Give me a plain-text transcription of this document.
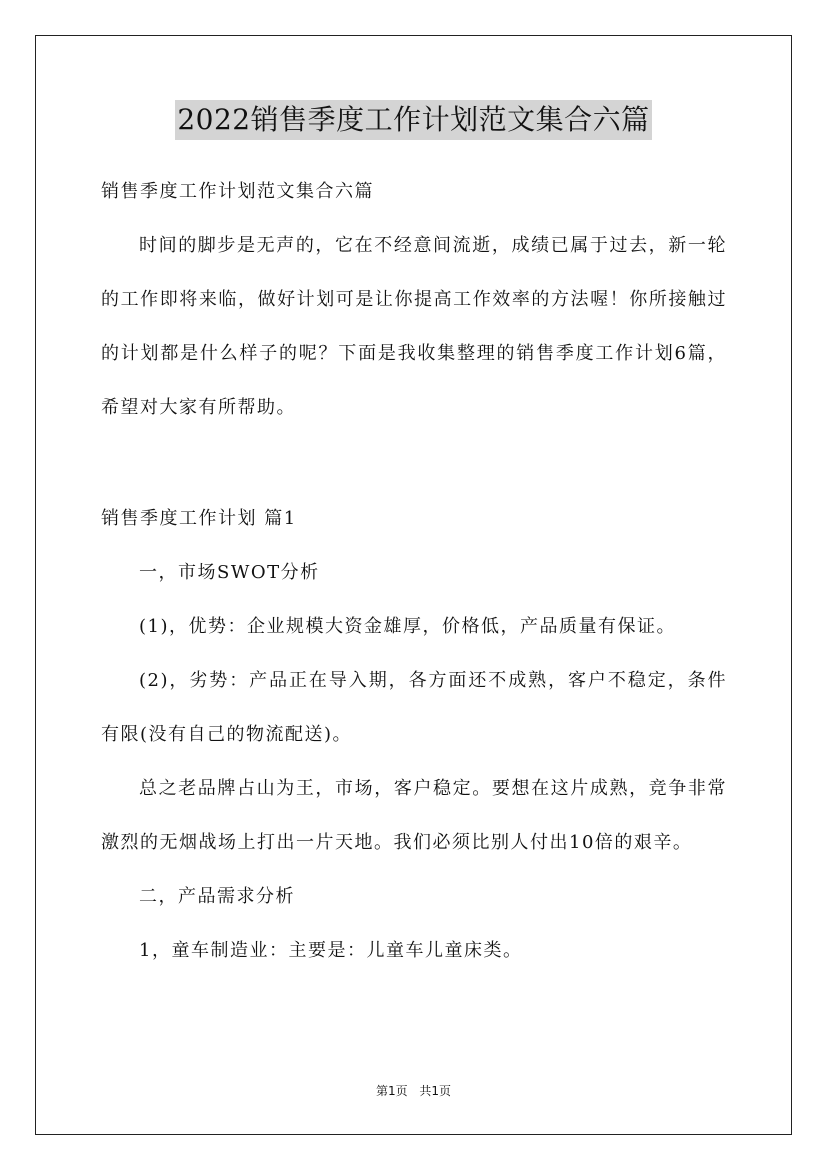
2022销售季度工作计划范文集合六篇

销售季度工作计划范文集合六篇

时间的脚步是无声的，它在不经意间流逝，成绩已属于过去，新一轮的工作即将来临，做好计划可是让你提高工作效率的方法喔！你所接触过的计划都是什么样子的呢？下面是我收集整理的销售季度工作计划6篇，希望对大家有所帮助。

销售季度工作计划 篇1

一，市场SWOT分析

(1)，优势：企业规模大资金雄厚，价格低，产品质量有保证。

(2)，劣势：产品正在导入期，各方面还不成熟，客户不稳定，条件有限(没有自己的物流配送)。

总之老品牌占山为王，市场，客户稳定。要想在这片成熟，竞争非常激烈的无烟战场上打出一片天地。我们必须比别人付出10倍的艰辛。

二，产品需求分析

1，童车制造业：主要是：儿童车儿童床类。

第1页 共1页
